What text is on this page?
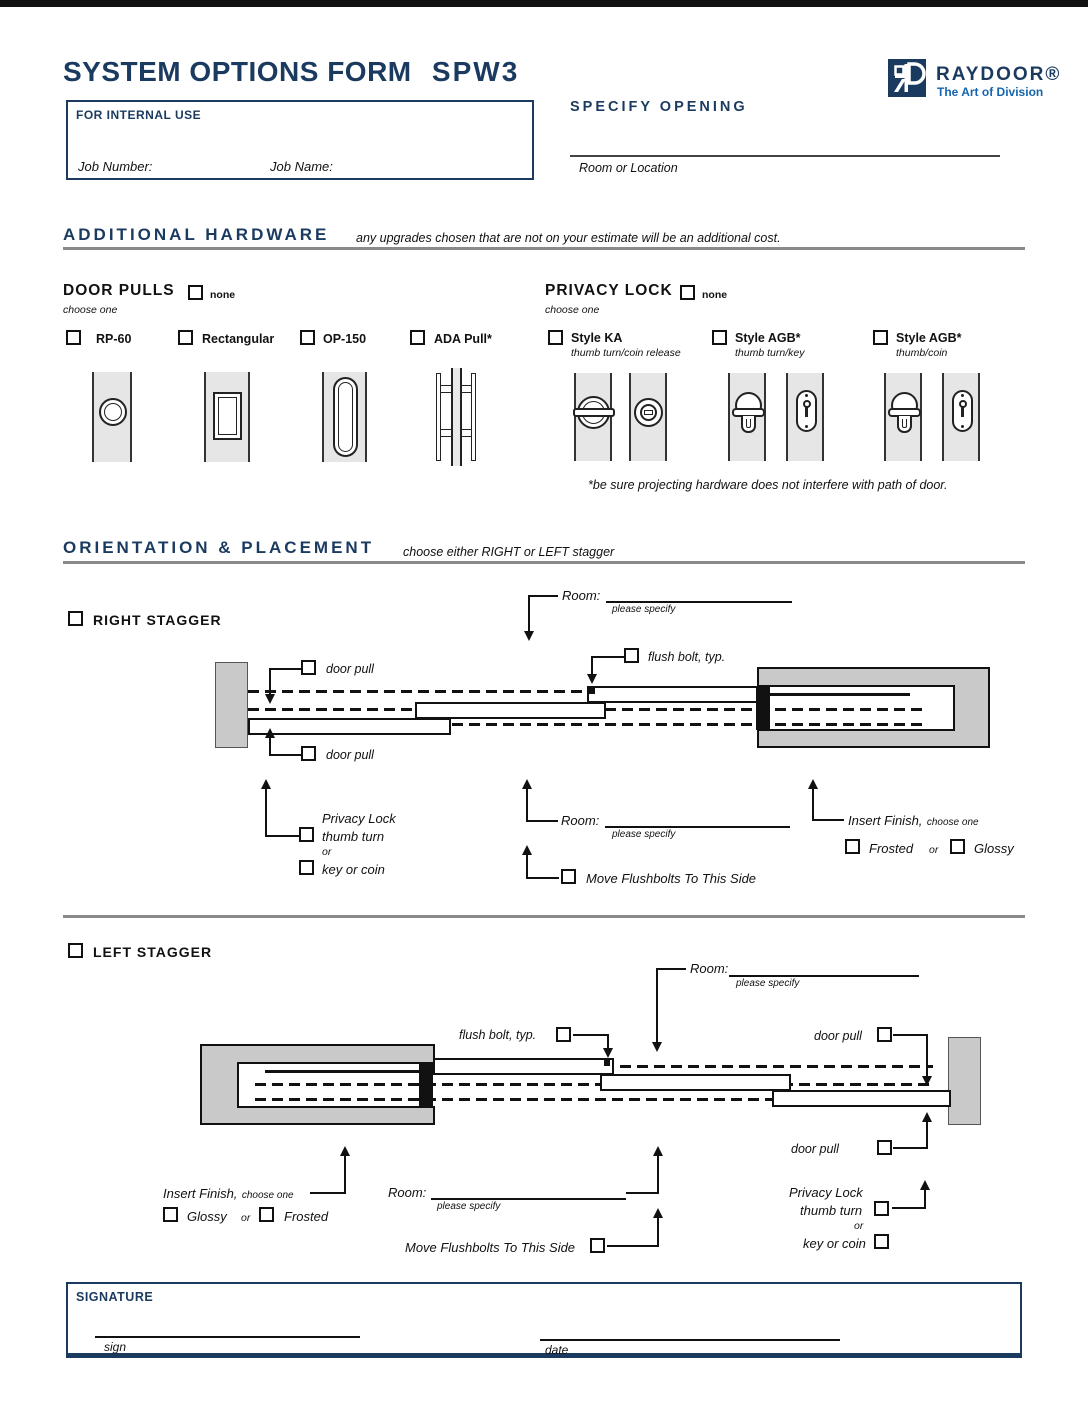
SYSTEM OPTIONS FORM SPW3	RAYDOOR®
The Art of Division
FOR INTERNAL USE
Job Number:	Job Name:
SPECIFY OPENING
Room or Location
ADDITIONAL HARDWARE any upgrades chosen that are not on your estimate will be an additional cost.
DOOR PULLS	none
choose one
RP-60	Rectangular	OP-150	ADA Pull*
PRIVACY LOCK	none
choose one
Style KA
thumb turn/coin release
Style AGB*
thumb turn/key
Style AGB*
thumb/coin
*be sure projecting hardware does not interfere with path of door.
ORIENTATION & PLACEMENT choose either RIGHT or LEFT stagger
RIGHT STAGGER
Room:
please specify
flush bolt, typ.
door pull
door pull
Privacy Lock
thumb turn
or
key or coin
Room:
please specify
Move Flushbolts To This Side
Insert Finish, choose one
Frosted or	Glossy
LEFT STAGGER
Room:
please specify
flush bolt, typ.	door pull
door pull
Insert Finish, choose one
Glossy or	Frosted
Room:
please specify
Move Flushbolts To This Side
Privacy Lock
thumb turn
or
key or coin
SIGNATURE
sign	date
